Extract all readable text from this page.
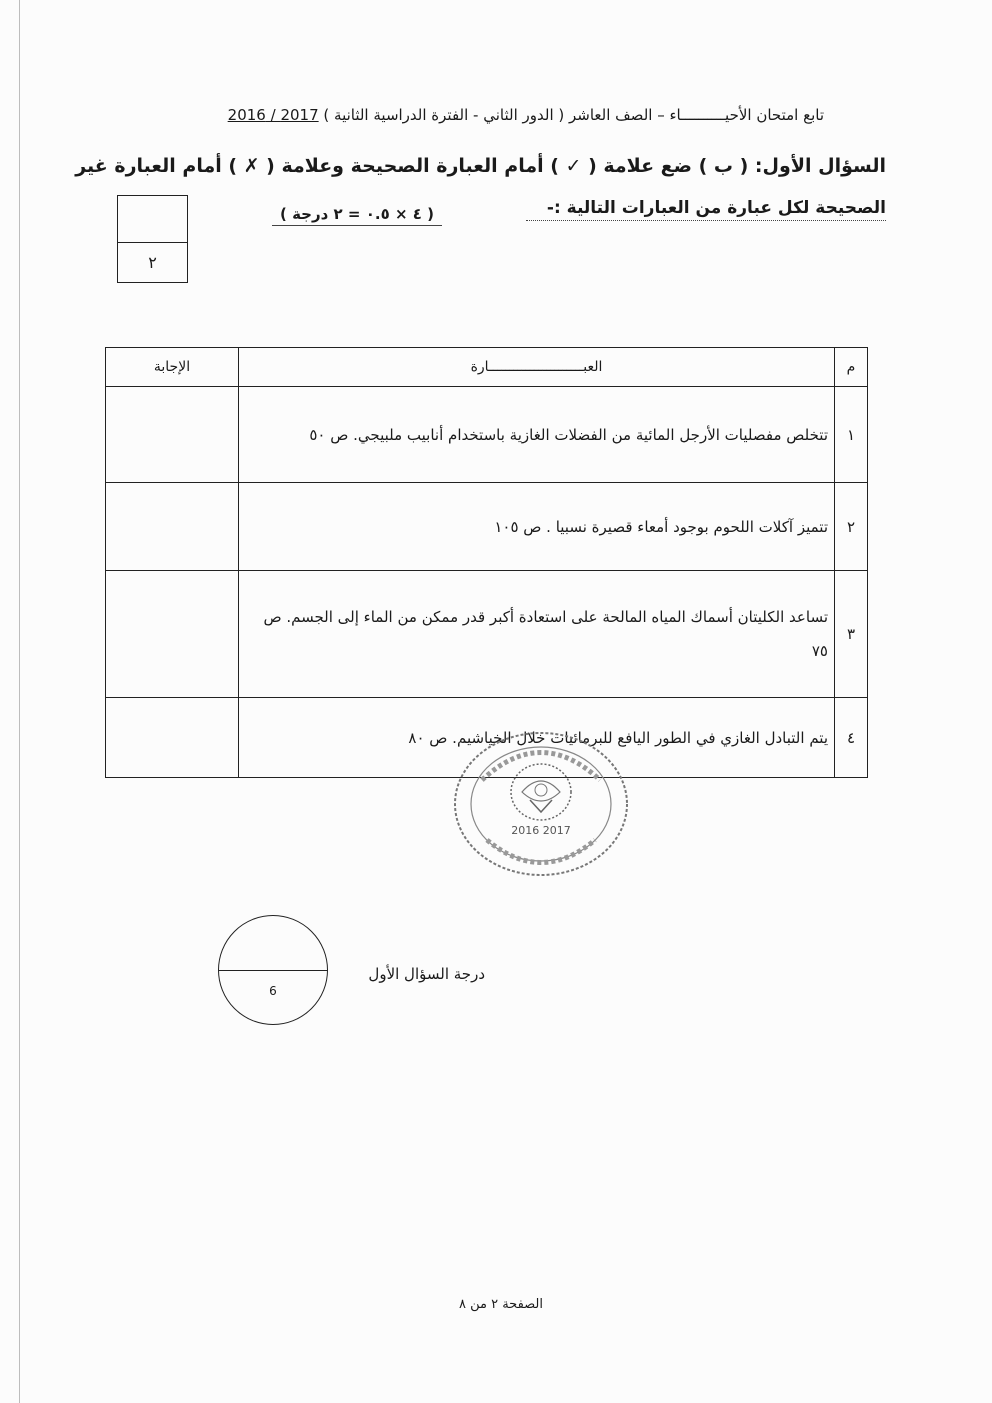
تابع امتحان الأحيــــــــــاء – الصف العاشر ( الدور الثاني - الفترة الدراسية الثانية ) 2017 / 2016
السؤال الأول: ( ب ) ضع علامة ( ✓ ) أمام العبارة الصحيحة وعلامة ( ✗ ) أمام العبارة غير
الصحيحة لكل عبارة من العبارات التالية :-
( ٤ × ٠.٥ = ٢ درجة )
٢
الإجابة	العبـــــــــــــــــــــــارة	م
	تتخلص مفصليات الأرجل المائية من الفضلات الغازية باستخدام أنابيب ملبيجي. ص ٥٠	١
	تتميز آكلات اللحوم بوجود أمعاء قصيرة نسبيا . ص ١٠٥	٢
	تساعد الكليتان أسماك المياه المالحة على استعادة أكبر قدر ممكن من الماء إلى الجسم. ص ٧٥	٣
	يتم التبادل الغازي في الطور اليافع للبرمائيات خلال الخياشيم. ص ٨٠	٤
2016 2017
6
درجة السؤال الأول
الصفحة ٢ من ٨
